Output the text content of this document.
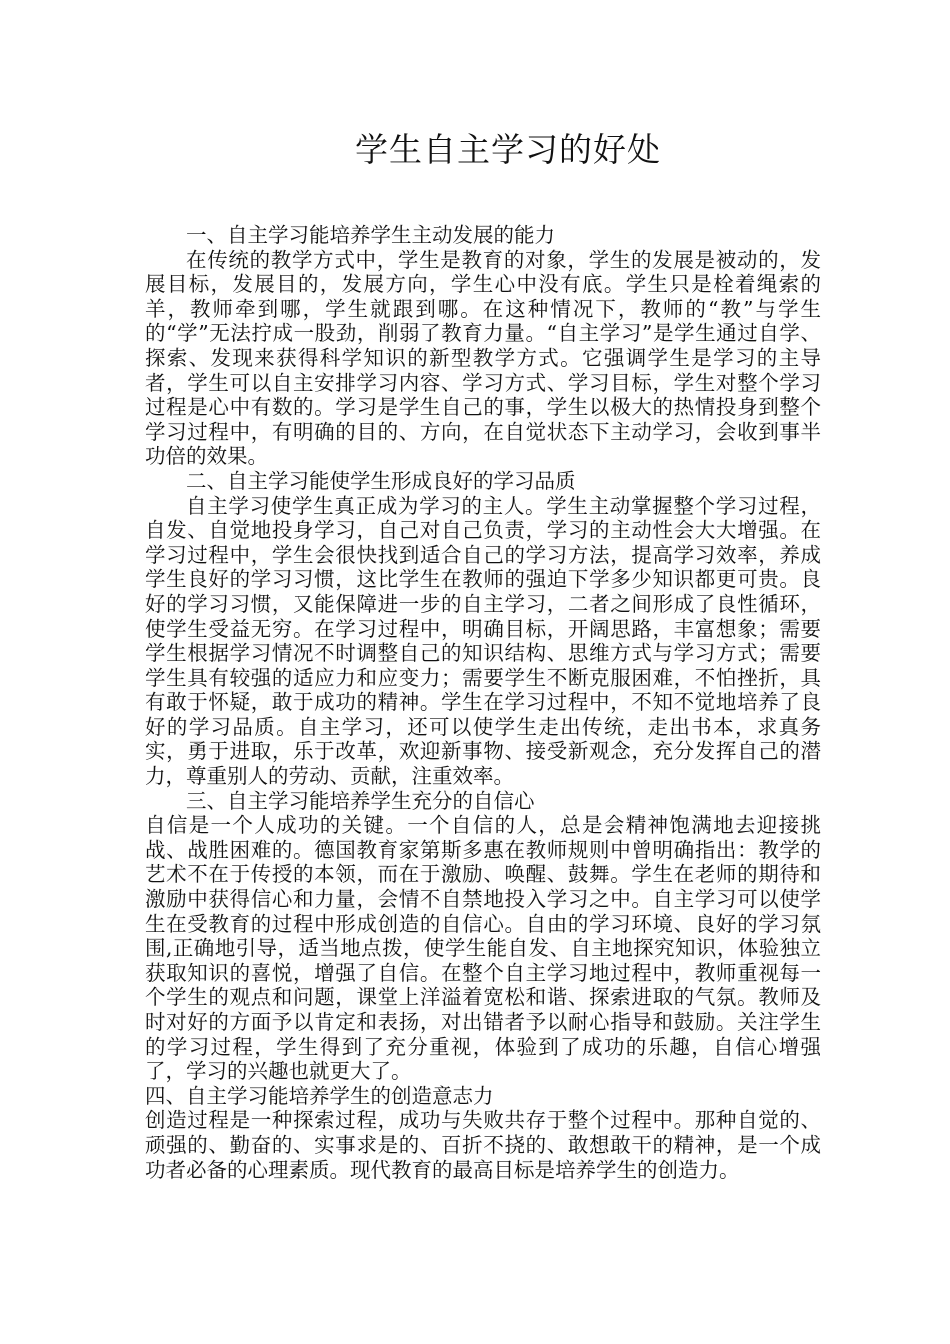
学生自主学习的好处

一、自主学习能培养学生主动发展的能力

在传统的教学方式中，学生是教育的对象，学生的发展是被动的，发展目标，发展目的，发展方向，学生心中没有底。学生只是栓着绳索的羊，教师牵到哪，学生就跟到哪。在这种情况下，教师的“教”与学生的“学”无法拧成一股劲，削弱了教育力量。“自主学习”是学生通过自学、探索、发现来获得科学知识的新型教学方式。它强调学生是学习的主导者，学生可以自主安排学习内容、学习方式、学习目标，学生对整个学习过程是心中有数的。学习是学生自己的事，学生以极大的热情投身到整个学习过程中，有明确的目的、方向，在自觉状态下主动学习，会收到事半功倍的效果。

二、自主学习能使学生形成良好的学习品质

自主学习使学生真正成为学习的主人。学生主动掌握整个学习过程，自发、自觉地投身学习，自己对自己负责，学习的主动性会大大增强。在学习过程中，学生会很快找到适合自己的学习方法，提高学习效率，养成学生良好的学习习惯，这比学生在教师的强迫下学多少知识都更可贵。良好的学习习惯，又能保障进一步的自主学习，二者之间形成了良性循环，使学生受益无穷。在学习过程中，明确目标，开阔思路，丰富想象；需要学生根据学习情况不时调整自己的知识结构、思维方式与学习方式；需要学生具有较强的适应力和应变力；需要学生不断克服困难，不怕挫折，具有敢于怀疑，敢于成功的精神。学生在学习过程中，不知不觉地培养了良好的学习品质。自主学习，还可以使学生走出传统，走出书本，求真务实，勇于进取，乐于改革，欢迎新事物、接受新观念，充分发挥自己的潜力，尊重别人的劳动、贡献，注重效率。

三、自主学习能培养学生充分的自信心

自信是一个人成功的关键。一个自信的人，总是会精神饱满地去迎接挑战、战胜困难的。德国教育家第斯多惠在教师规则中曾明确指出：教学的艺术不在于传授的本领，而在于激励、唤醒、鼓舞。学生在老师的期待和激励中获得信心和力量，会情不自禁地投入学习之中。自主学习可以使学生在受教育的过程中形成创造的自信心。自由的学习环境、良好的学习氛围,正确地引导，适当地点拨，使学生能自发、自主地探究知识，体验独立获取知识的喜悦，增强了自信。在整个自主学习地过程中，教师重视每一个学生的观点和问题，课堂上洋溢着宽松和谐、探索进取的气氛。教师及时对好的方面予以肯定和表扬，对出错者予以耐心指导和鼓励。关注学生的学习过程，学生得到了充分重视，体验到了成功的乐趣，自信心增强了，学习的兴趣也就更大了。

四、自主学习能培养学生的创造意志力

创造过程是一种探索过程，成功与失败共存于整个过程中。那种自觉的、顽强的、勤奋的、实事求是的、百折不挠的、敢想敢干的精神，是一个成功者必备的心理素质。现代教育的最高目标是培养学生的创造力。
